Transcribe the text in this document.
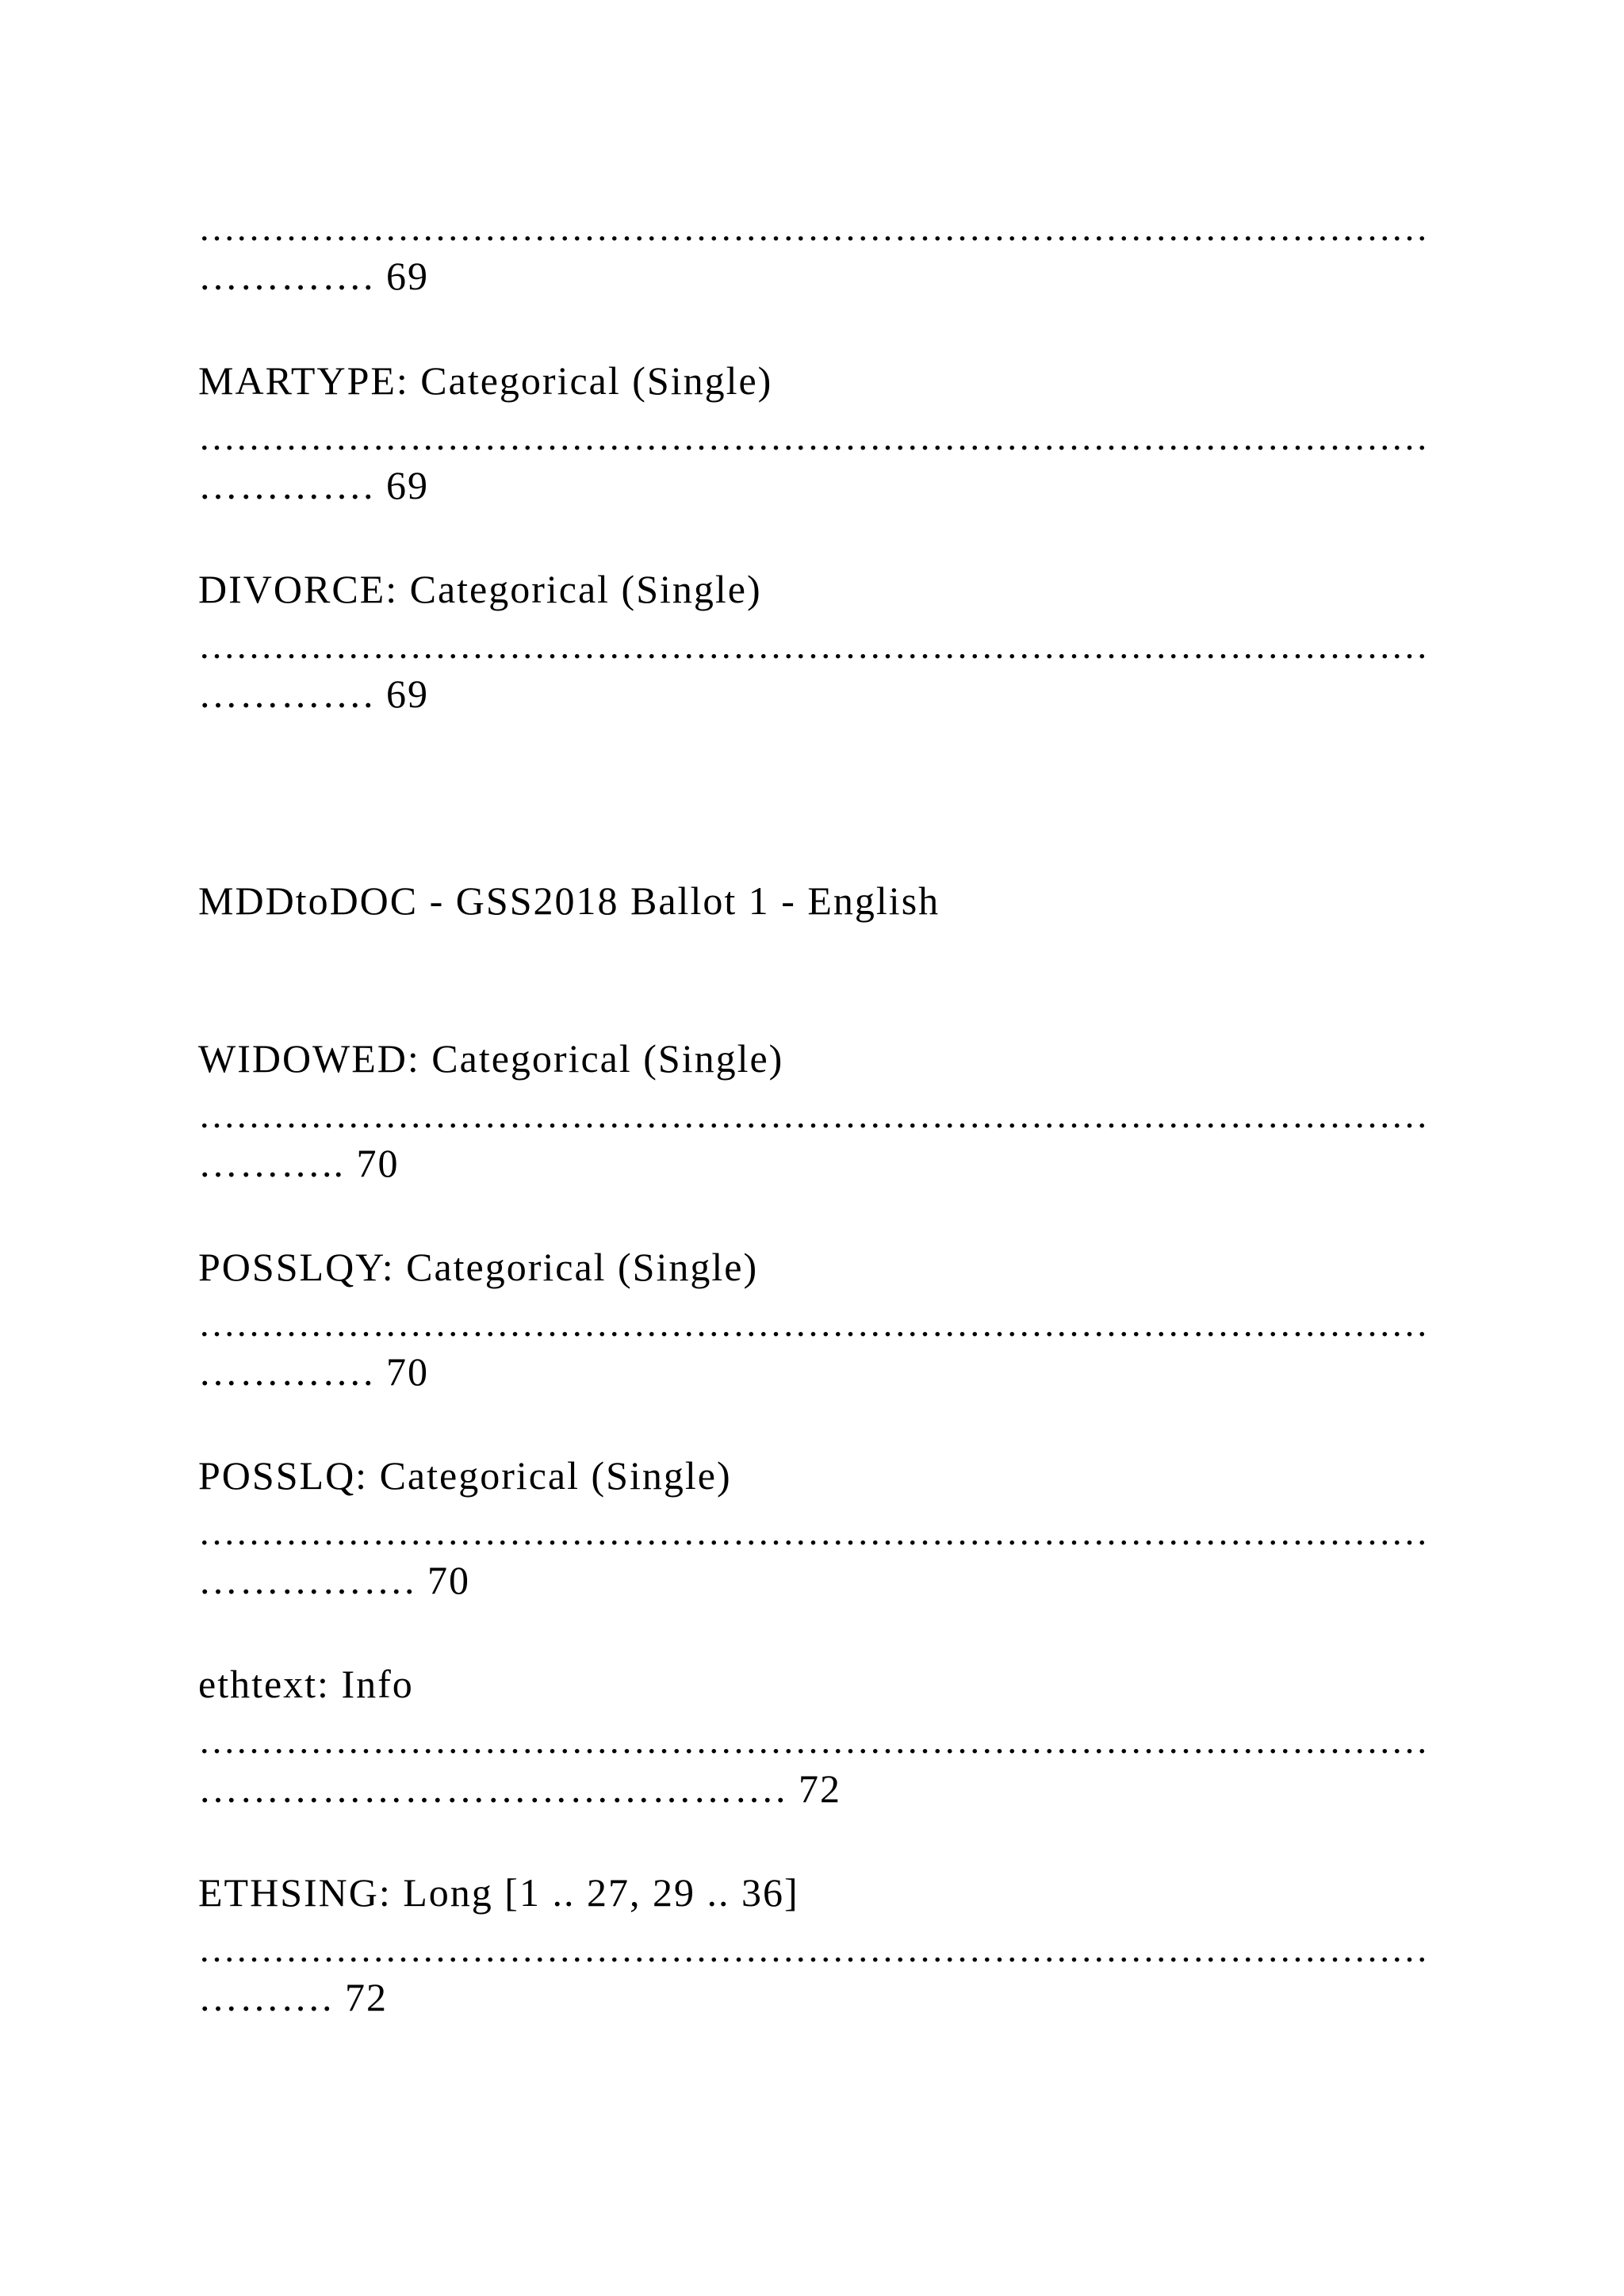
………………………………………………………………………………………
…………. 69
MARTYPE: Categorical (Single)
………………………………………………………………………………………
…………. 69
DIVORCE: Categorical (Single)
………………………………………………………………………………………
…………. 69
MDDtoDOC - GSS2018 Ballot 1 - English
WIDOWED: Categorical (Single)
………………………………………………………………………………………
……….. 70
POSSLQY: Categorical (Single)
………………………………………………………………………………………
…………. 70
POSSLQ: Categorical (Single)
………………………………………………………………………………………
……………. 70
ethtext: Info
………………………………………………………………………………………
……………………………………. 72
ETHSING: Long [1 .. 27, 29 .. 36]
………………………………………………………………………………………
………. 72
